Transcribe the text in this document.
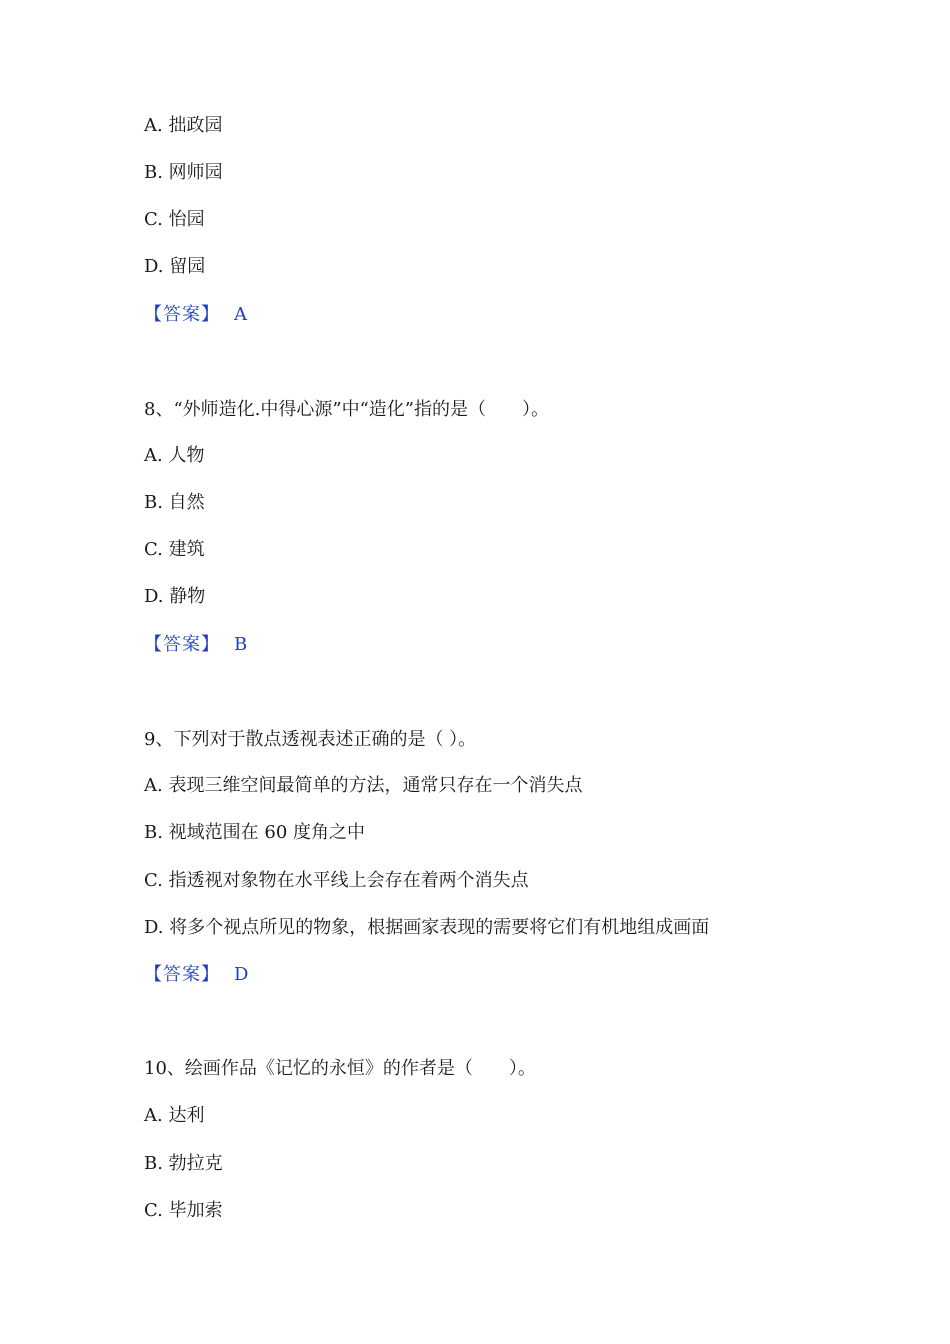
A. 拙政园
B. 网师园
C. 怡园
D. 留园
【答案】 A
8、“外师造化.中得心源”中“造化”指的是（　　）。
A. 人物
B. 自然
C. 建筑
D. 静物
【答案】 B
9、下列对于散点透视表述正确的是（ ）。
A. 表现三维空间最简单的方法，通常只存在一个消失点
B. 视域范围在 60 度角之中
C. 指透视对象物在水平线上会存在着两个消失点
D. 将多个视点所见的物象，根据画家表现的需要将它们有机地组成画面
【答案】 D
10、绘画作品《记忆的永恒》的作者是（　　）。
A. 达利
B. 勃拉克
C. 毕加索
